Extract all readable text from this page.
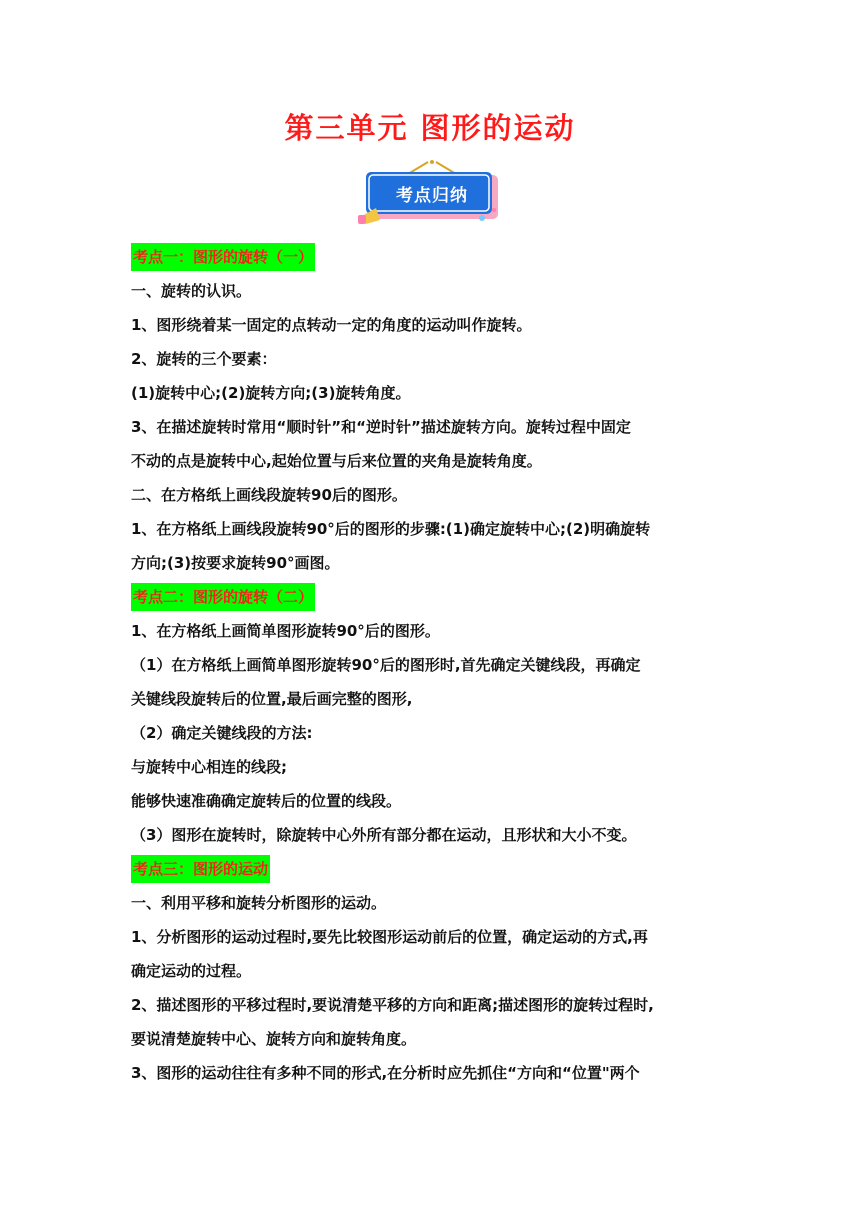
第三单元 图形的运动
考点归纳
考点一：图形的旋转（一）
一、旋转的认识。
1、图形绕着某一固定的点转动一定的角度的运动叫作旋转。
2、旋转的三个要素：
(1)旋转中心;(2)旋转方向;(3)旋转角度。
3、在描述旋转时常用“顺时针”和“逆时针”描述旋转方向。旋转过程中固定
不动的点是旋转中心,起始位置与后来位置的夹角是旋转角度。
二、在方格纸上画线段旋转90后的图形。
1、在方格纸上画线段旋转90°后的图形的步骤:(1)确定旋转中心;(2)明确旋转
方向;(3)按要求旋转90°画图。
考点二：图形的旋转（二）
1、在方格纸上画简单图形旋转90°后的图形。
（1）在方格纸上画简单图形旋转90°后的图形时,首先确定关键线段，再确定
关键线段旋转后的位置,最后画完整的图形,
（2）确定关键线段的方法:
与旋转中心相连的线段;
能够快速准确确定旋转后的位置的线段。
（3）图形在旋转时，除旋转中心外所有部分都在运动，且形状和大小不变。
考点三：图形的运动
一、利用平移和旋转分析图形的运动。
1、分析图形的运动过程时,要先比较图形运动前后的位置，确定运动的方式,再
确定运动的过程。
2、描述图形的平移过程时,要说清楚平移的方向和距离;描述图形的旋转过程时,
要说清楚旋转中心、旋转方向和旋转角度。
3、图形的运动往往有多种不同的形式,在分析时应先抓住“方向和“位置"两个
